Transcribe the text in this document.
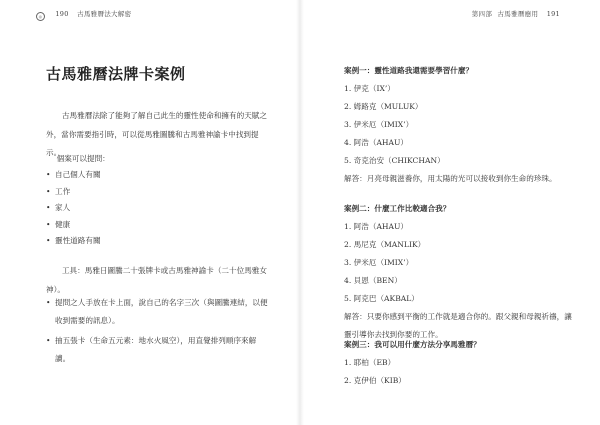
◎ 190 古馬雅曆法大解密
古馬雅曆法牌卡案例
古馬雅曆法除了能夠了解自己此生的靈性使命和擁有的天賦之外，當你需要指引時，可以從馬雅圖騰和古馬雅神諭卡中找到提示。
個案可以提問：
• 自己個人有關
• 工作
• 家人
• 健康
• 靈性道路有關
工具：馬雅日圖騰二十張牌卡或古馬雅神諭卡（二十位馬雅女神）。
• 提問之人手放在卡上面，說自己的名字三次（與圖騰連結，以便收到需要的訊息）。
• 抽五張卡（生命五元素：地水火風空），用直覺排列順序來解讀。
第四部 古馬雅曆應用 191
案例一：靈性道路我還需要學習什麼？
1. 伊克（IX’）
2. 姆路克（MULUK）
3. 伊米厄（IMIX’）
4. 阿浩（AHAU）
5. 奇克治安（CHIKCHAN）
解答：月亮母親滋養你，用太陽的光可以接收到你生命的珍珠。
案例二：什麼工作比較適合我？
1. 阿浩（AHAU）
2. 馬尼克（MANLIK）
3. 伊米厄（IMIX’）
4. 貝恩（BEN）
5. 阿克巴（AKBAL）
解答：只要你感到平衡的工作就是適合你的。跟父親和母親祈禱，讓靈引導你去找到你要的工作。
案例三：我可以用什麼方法分享馬雅曆？
1. 耶柏（EB）
2. 克伊伯（KIB）
